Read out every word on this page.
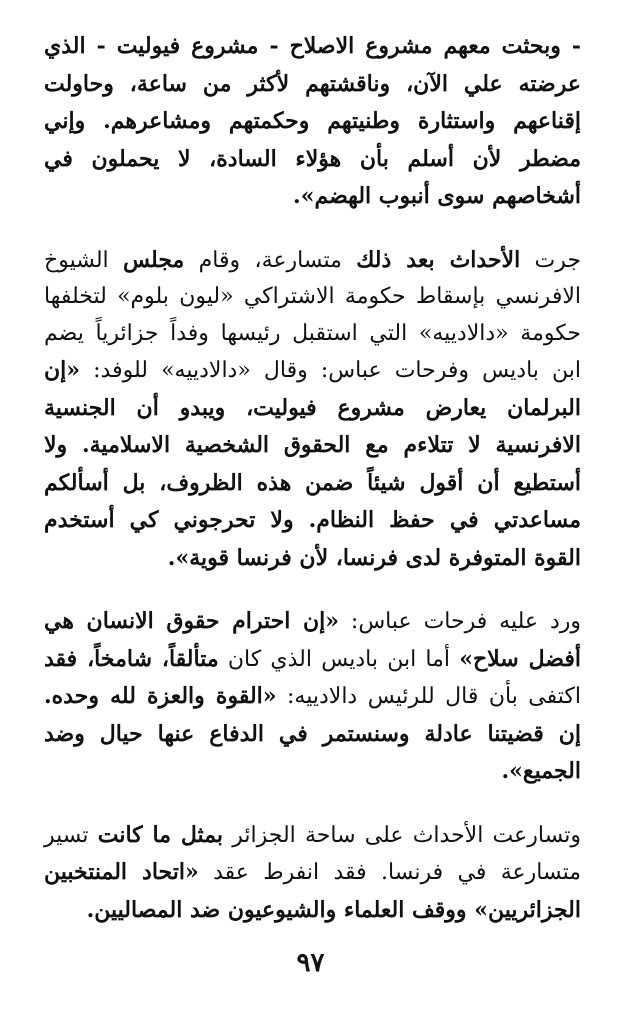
- وبحثت معهم مشروع الاصلاح - مشروع فيوليت - الذي عرضته علي الآن، وناقشتهم لأكثر من ساعة، وحاولت إقناعهم واستثارة وطنيتهم وحكمتهم ومشاعرهم. وإني مضطر لأن أسلم بأن هؤلاء السادة، لا يحملون في أشخاصهم سوى أنبوب الهضم».

جرت الأحداث بعد ذلك متسارعة، وقام مجلس الشيوخ الافرنسي بإسقاط حكومة الاشتراكي «ليون بلوم» لتخلفها حكومة «دالادييه» التي استقبل رئيسها وفداً جزائرياً يضم ابن باديس وفرحات عباس: وقال «دالادييه» للوفد: «إن البرلمان يعارض مشروع فيوليت، ويبدو أن الجنسية الافرنسية لا تتلاءم مع الحقوق الشخصية الاسلامية. ولا أستطيع أن أقول شيئاً ضمن هذه الظروف، بل أسألكم مساعدتي في حفظ النظام. ولا تحرجوني كي أستخدم القوة المتوفرة لدى فرنسا، لأن فرنسا قوية».

ورد عليه فرحات عباس: «إن احترام حقوق الانسان هي أفضل سلاح» أما ابن باديس الذي كان متألقاً، شامخاً، فقد اكتفى بأن قال للرئيس دالادييه: «القوة والعزة لله وحده. إن قضيتنا عادلة وسنستمر في الدفاع عنها حيال وضد الجميع».

وتسارعت الأحداث على ساحة الجزائر بمثل ما كانت تسير متسارعة في فرنسا. فقد انفرط عقد «اتحاد المنتخبين الجزائريين» ووقف العلماء والشيوعيون ضد المصاليين.

٩٧
